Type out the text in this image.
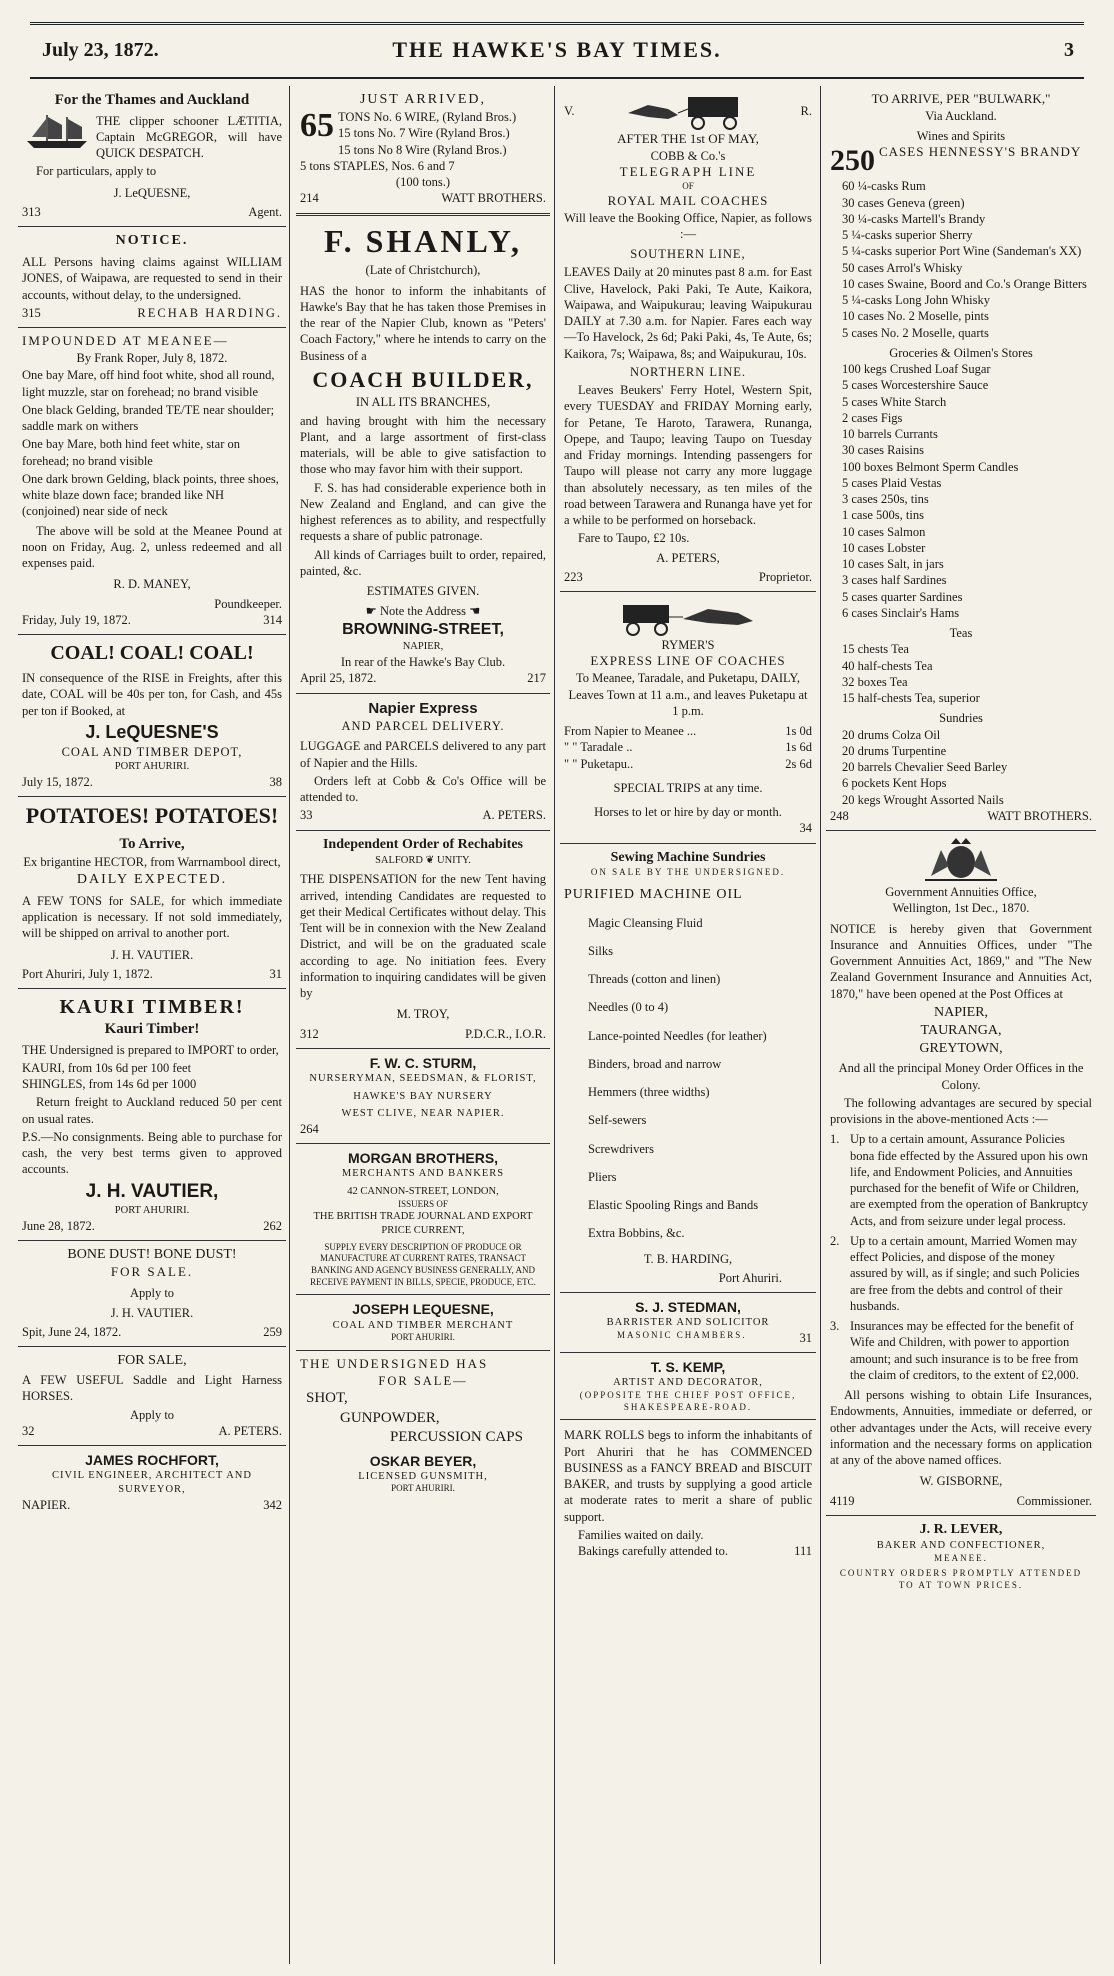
July 23, 1872.	THE HAWKE'S BAY TIMES.	3
For the Thames and Auckland

THE clipper schooner LÆTITIA, Captain McGREGOR, will have QUICK DESPATCH.

For particulars, apply to

J. LeQUESNE,
313	Agent.
NOTICE.

ALL Persons having claims against WILLIAM JONES, of Waipawa, are requested to send in their accounts, without delay, to the undersigned.

315	RECHAB HARDING.
IMPOUNDED AT MEANEE—
By Frank Roper, July 8, 1872.
One bay Mare, off hind foot white, shod all round, light muzzle, star on forehead; no brand visible
One black Gelding, branded TE/TE near shoulder; saddle mark on withers
One bay Mare, both hind feet white, star on forehead; no brand visible
One dark brown Gelding, black points, three shoes, white blaze down face; branded like NH (conjoined) near side of neck

The above will be sold at the Meanee Pound at noon on Friday, Aug. 2, unless redeemed and all expenses paid.

R. D. MANEY,
Poundkeeper.
Friday, July 19, 1872.	314
COAL! COAL! COAL!

IN consequence of the RISE in Freights, after this date, COAL will be 40s per ton, for Cash, and 45s per ton if Booked, at

J. LeQUESNE'S
COAL AND TIMBER DEPOT,
PORT AHURIRI.
July 15, 1872.	38
POTATOES! POTATOES!
To Arrive,
Ex brigantine HECTOR, from Warrnambool direct,
DAILY EXPECTED.

A FEW TONS for SALE, for which immediate application is necessary. If not sold immediately, will be shipped on arrival to another port.

J. H. VAUTIER.
Port Ahuriri, July 1, 1872.	31
KAURI TIMBER!
Kauri Timber!

THE Undersigned is prepared to IMPORT to order,

KAURI, from 10s 6d per 100 feet
SHINGLES, from 14s 6d per 1000

Return freight to Auckland reduced 50 per cent on usual rates.

P.S.—No consignments. Being able to purchase for cash, the very best terms given to approved accounts.

J. H. VAUTIER,
PORT AHURIRI.
June 28, 1872.	262
BONE DUST! BONE DUST!
FOR SALE.
Apply to
J. H. VAUTIER.
Spit, June 24, 1872.	259
FOR SALE,

A FEW USEFUL Saddle and Light Harness HORSES.

Apply to
32	A. PETERS.
JAMES ROCHFORT,
CIVIL ENGINEER, ARCHITECT AND SURVEYOR,
NAPIER.	342
JUST ARRIVED,
65 TONS No. 6 WIRE, (Ryland Bros.)
15 tons No. 7 Wire (Ryland Bros.)
15 tons No 8 Wire (Ryland Bros.)
5 tons STAPLES, Nos. 6 and 7
(100 tons.)
214	WATT BROTHERS.
F. SHANLY,
(Late of Christchurch),

HAS the honor to inform the inhabitants of Hawke's Bay that he has taken those Premises in the rear of the Napier Club, known as "Peters' Coach Factory," where he intends to carry on the Business of a

COACH BUILDER,
IN ALL ITS BRANCHES,

and having brought with him the necessary Plant, and a large assortment of first-class materials, will be able to give satisfaction to those who may favor him with their support.

F. S. has had considerable experience both in New Zealand and England, and can give the highest references as to ability, and respectfully requests a share of public patronage.

All kinds of Carriages built to order, repaired, painted, &c.

ESTIMATES GIVEN.
☛ Note the Address ☚
BROWNING-STREET,
NAPIER,
In rear of the Hawke's Bay Club.
April 25, 1872.	217
Napier Express
AND PARCEL DELIVERY.

LUGGAGE and PARCELS delivered to any part of Napier and the Hills.

Orders left at Cobb & Co's Office will be attended to.

33	A. PETERS.
Independent Order of Rechabites
SALFORD ❦ UNITY.

THE DISPENSATION for the new Tent having arrived, intending Candidates are requested to get their Medical Certificates without delay. This Tent will be in connexion with the New Zealand District, and will be on the graduated scale according to age. No initiation fees. Every information to inquiring candidates will be given by

M. TROY,
312	P.D.C.R., I.O.R.
F. W. C. STURM,
NURSERYMAN, SEEDSMAN, & FLORIST,
HAWKE'S BAY NURSERY
WEST CLIVE, NEAR NAPIER.
264
MORGAN BROTHERS,
MERCHANTS AND BANKERS
42 CANNON-STREET, LONDON,
ISSUERS OF
THE BRITISH TRADE JOURNAL AND EXPORT PRICE CURRENT,
SUPPLY EVERY DESCRIPTION OF PRODUCE OR MANUFACTURE AT CURRENT RATES, TRANSACT BANKING AND AGENCY BUSINESS GENERALLY, AND RECEIVE PAYMENT IN BILLS, SPECIE, PRODUCE, ETC.
JOSEPH LEQUESNE,
COAL AND TIMBER MERCHANT
PORT AHURIRI.
THE UNDERSIGNED HAS
FOR SALE—
SHOT,
GUNPOWDER,
PERCUSSION CAPS
OSKAR BEYER,
LICENSED GUNSMITH,
PORT AHURIRI.
V.	R.
AFTER THE 1st OF MAY,
COBB & Co.'s
TELEGRAPH LINE
OF
ROYAL MAIL COACHES
Will leave the Booking Office, Napier, as follows :—
SOUTHERN LINE,

LEAVES Daily at 20 minutes past 8 a.m. for East Clive, Havelock, Paki Paki, Te Aute, Kaikora, Waipawa, and Waipukurau; leaving Waipukurau DAILY at 7.30 a.m. for Napier. Fares each way—To Havelock, 2s 6d; Paki Paki, 4s, Te Aute, 6s; Kaikora, 7s; Waipawa, 8s; and Waipukurau, 10s.

NORTHERN LINE.

Leaves Beukers' Ferry Hotel, Western Spit, every TUESDAY and FRIDAY Morning early, for Petane, Te Haroto, Tarawera, Runanga, Opepe, and Taupo; leaving Taupo on Tuesday and Friday mornings. Intending passengers for Taupo will please not carry any more luggage than absolutely necessary, as ten miles of the road between Tarawera and Runanga have yet for a while to be performed on horseback.

Fare to Taupo, £2 10s.
A. PETERS,
223	Proprietor.
RYMER'S
EXPRESS LINE OF COACHES
To Meanee, Taradale, and Puketapu, DAILY,
Leaves Town at 11 a.m., and leaves Puketapu at 1 p.m.
From Napier to Meanee ...	1s 0d
" " Taradale ..	1s 6d
" " Puketapu..	2s 6d
SPECIAL TRIPS at any time.
Horses to let or hire by day or month.
34
Sewing Machine Sundries
ON SALE BY THE UNDERSIGNED.
PURIFIED MACHINE OIL
Magic Cleansing Fluid
Silks
Threads (cotton and linen)
Needles (0 to 4)
Lance-pointed Needles (for leather)
Binders, broad and narrow
Hemmers (three widths)
Self-sewers
Screwdrivers
Pliers
Elastic Spooling Rings and Bands
Extra Bobbins, &c.
T. B. HARDING,
Port Ahuriri.
S. J. STEDMAN,
BARRISTER AND SOLICITOR
MASONIC CHAMBERS.	31
T. S. KEMP,
ARTIST AND DECORATOR,
(OPPOSITE THE CHIEF POST OFFICE, SHAKESPEARE-ROAD.

MARK ROLLS begs to inform the inhabitants of Port Ahuriri that he has COMMENCED BUSINESS as a FANCY BREAD and BISCUIT BAKER, and trusts by supplying a good article at moderate rates to merit a share of public support.

Families waited on daily.
Bakings carefully attended to.	111
TO ARRIVE, PER "BULWARK,"
Via Auckland.
Wines and Spirits
250 CASES HENNESSY'S BRANDY
60 ¼-casks Rum
30 cases Geneva (green)
30 ¼-casks Martell's Brandy
5 ¼-casks superior Sherry
5 ¼-casks superior Port Wine (Sandeman's XX)
50 cases Arrol's Whisky
10 cases Swaine, Boord and Co.'s Orange Bitters
5 ¼-casks Long John Whisky
10 cases No. 2 Moselle, pints
5 cases No. 2 Moselle, quarts
Groceries & Oilmen's Stores
100 kegs Crushed Loaf Sugar
5 cases Worcestershire Sauce
5 cases White Starch
2 cases Figs
10 barrels Currants
30 cases Raisins
100 boxes Belmont Sperm Candles
5 cases Plaid Vestas
3 cases 250s, tins
1 case 500s, tins
10 cases Salmon
10 cases Lobster
10 cases Salt, in jars
3 cases half Sardines
5 cases quarter Sardines
6 cases Sinclair's Hams
Teas
15 chests Tea
40 half-chests Tea
32 boxes Tea
15 half-chests Tea, superior
Sundries
20 drums Colza Oil
20 drums Turpentine
20 barrels Chevalier Seed Barley
6 pockets Kent Hops
20 kegs Wrought Assorted Nails
248	WATT BROTHERS.
Government Annuities Office,
Wellington, 1st Dec., 1870.

NOTICE is hereby given that Government Insurance and Annuities Offices, under "The Government Annuities Act, 1869," and "The New Zealand Government Insurance and Annuities Act, 1870," have been opened at the Post Offices at

NAPIER,
TAURANGA,
GREYTOWN,

And all the principal Money Order Offices in the Colony.

The following advantages are secured by special provisions in the above-mentioned Acts :—

1. Up to a certain amount, Assurance Policies bona fide effected by the Assured upon his own life, and Endowment Policies, and Annuities purchased for the benefit of Wife or Children, are exempted from the operation of Bankruptcy Acts, and from seizure under legal process.
2. Up to a certain amount, Married Women may effect Policies, and dispose of the money assured by will, as if single; and such Policies are free from the debts and control of their husbands.
3. Insurances may be effected for the benefit of Wife and Children, with power to apportion amount; and such insurance is to be free from the claim of creditors, to the extent of £2,000.

All persons wishing to obtain Life Insurances, Endowments, Annuities, immediate or deferred, or other advantages under the Acts, will receive every information and the necessary forms on application at any of the above named offices.

W. GISBORNE,
4119	Commissioner.
J. R. LEVER,
BAKER AND CONFECTIONER,
MEANEE.
COUNTRY ORDERS PROMPTLY ATTENDED TO AT TOWN PRICES.
